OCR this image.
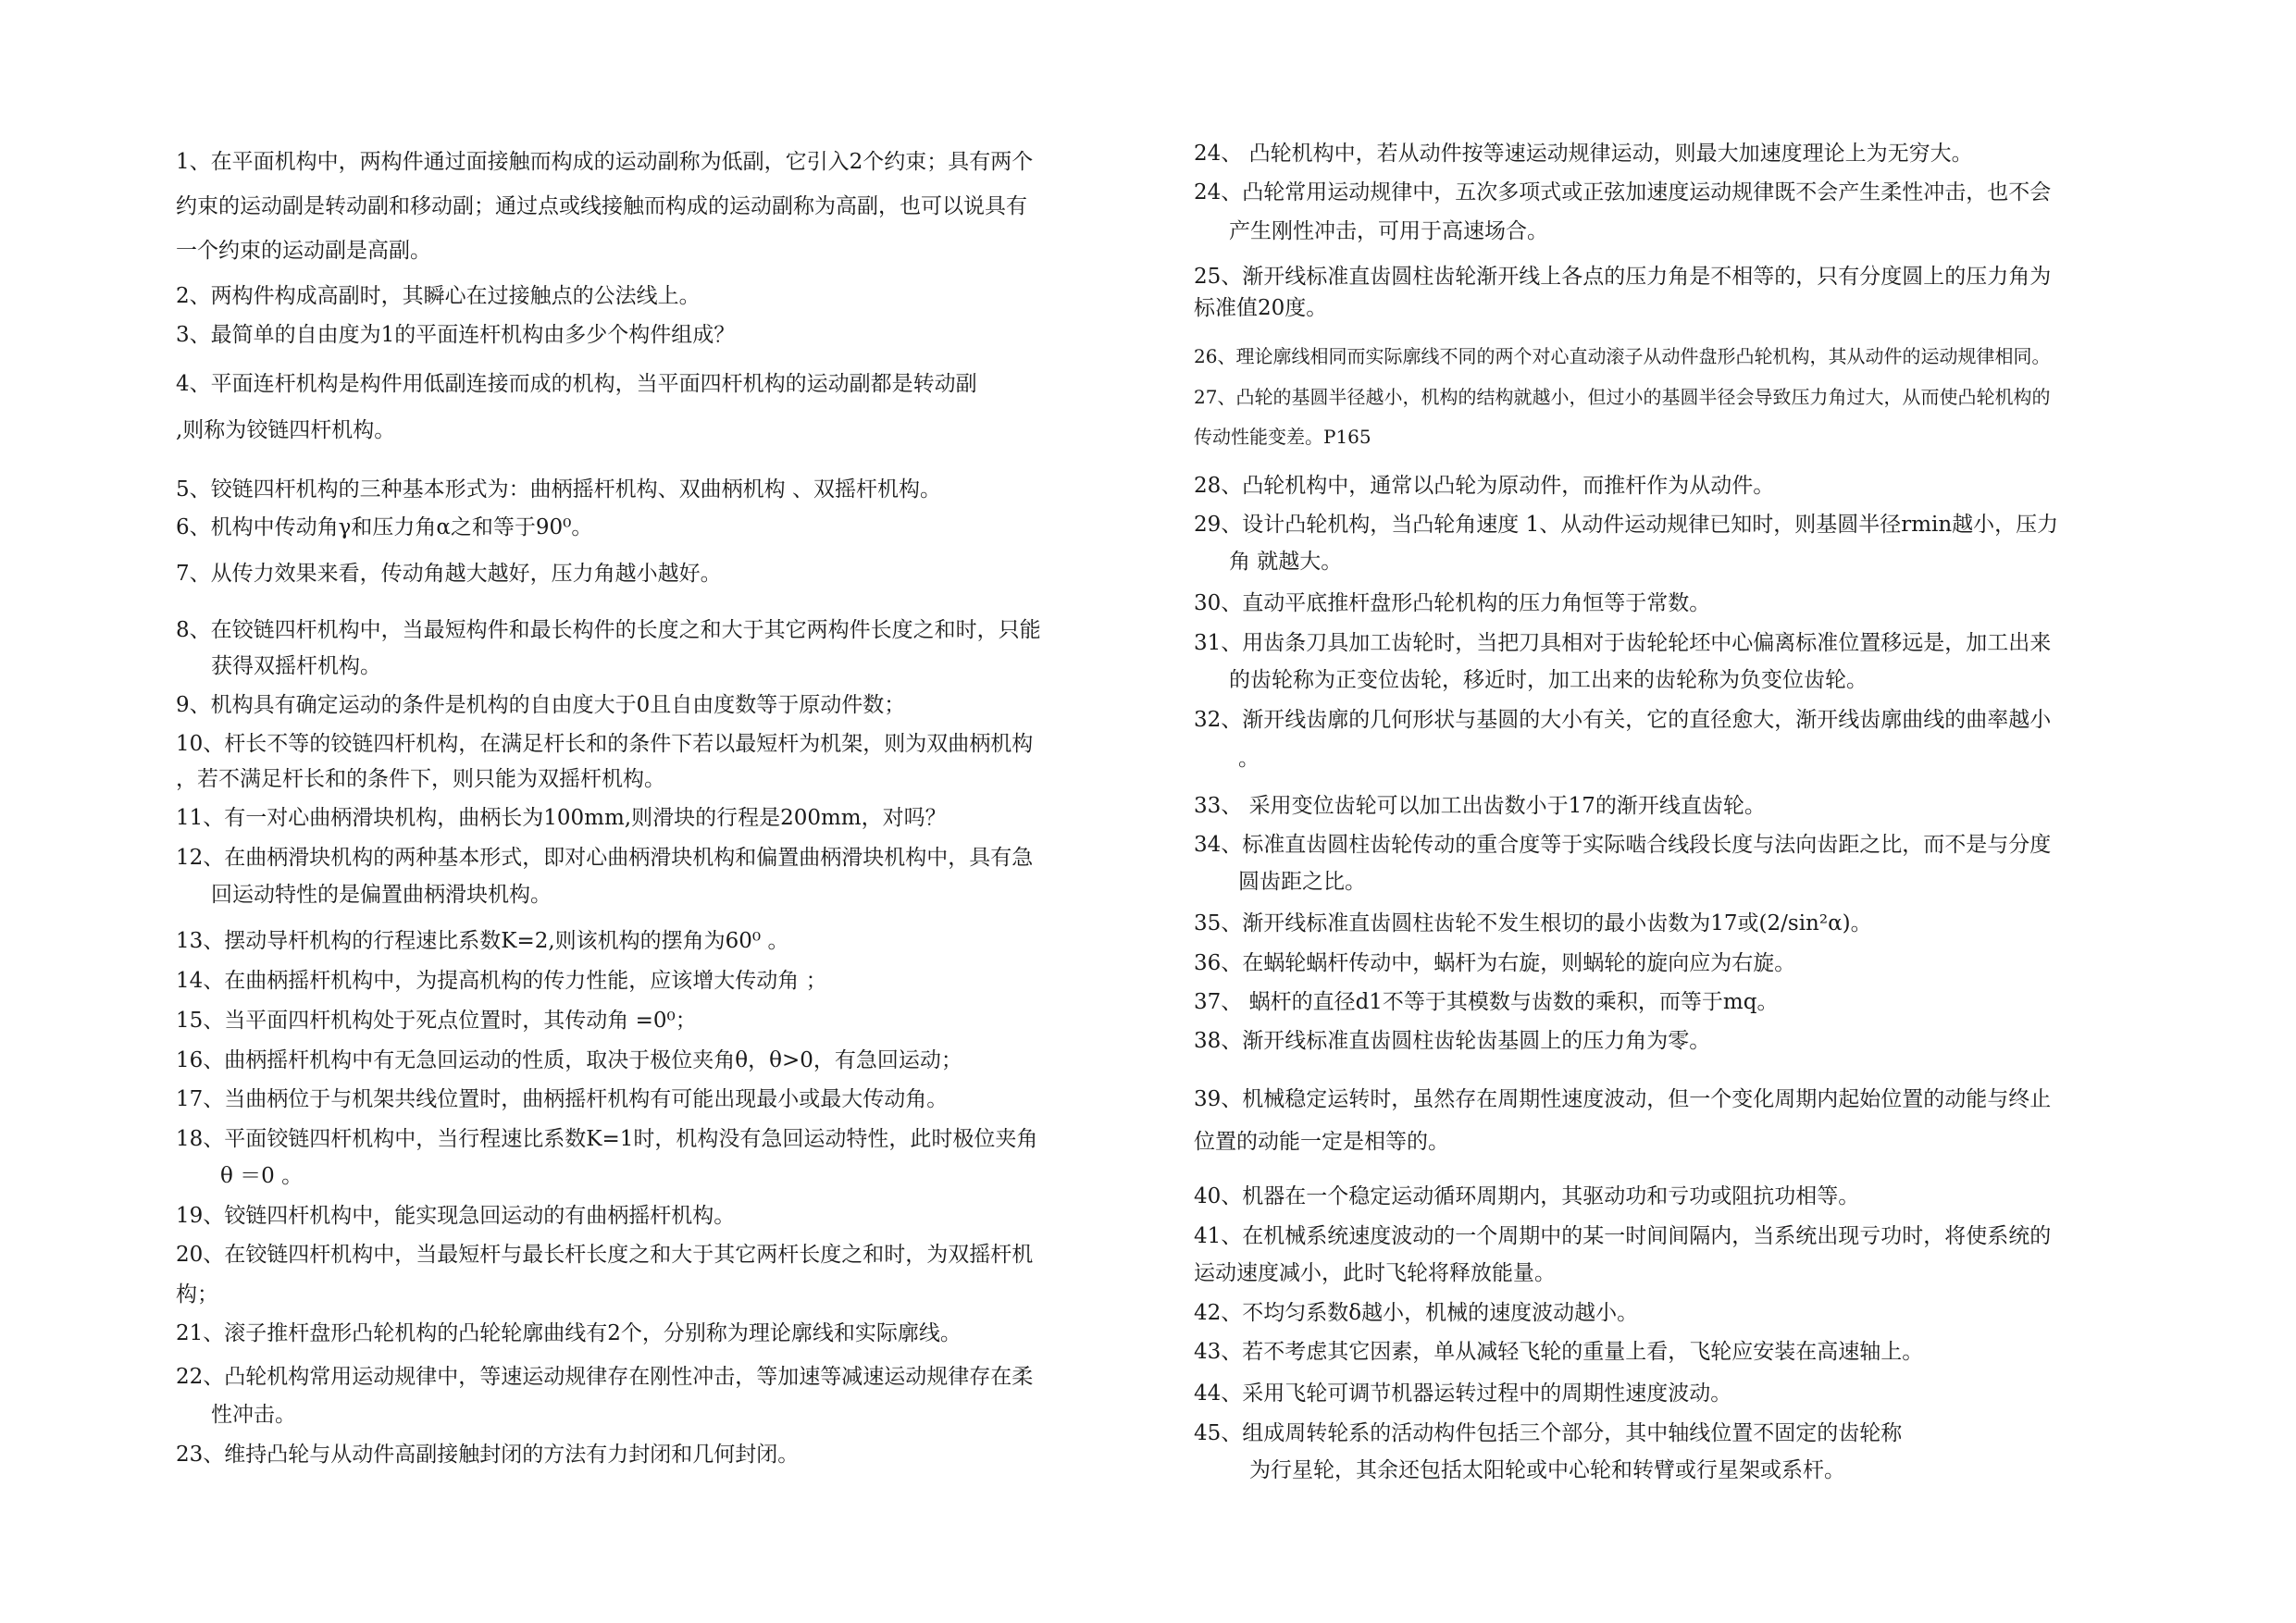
1、在平面机构中，两构件通过面接触而构成的运动副称为低副，它引入2个约束；具有两个
约束的运动副是转动副和移动副；通过点或线接触而构成的运动副称为高副，也可以说具有
一个约束的运动副是高副。
2、两构件构成高副时，其瞬心在过接触点的公法线上。
3、最简单的自由度为1的平面连杆机构由多少个构件组成？
4、平面连杆机构是构件用低副连接而成的机构，当平面四杆机构的运动副都是转动副
,则称为铰链四杆机构。
5、铰链四杆机构的三种基本形式为：曲柄摇杆机构、双曲柄机构 、双摇杆机构。
6、机构中传动角γ和压力角α之和等于90⁰。
7、从传力效果来看，传动角越大越好，压力角越小越好。
8、在铰链四杆机构中，当最短构件和最长构件的长度之和大于其它两构件长度之和时，只能
获得双摇杆机构。
9、机构具有确定运动的条件是机构的自由度大于0且自由度数等于原动件数；
10、杆长不等的铰链四杆机构，在满足杆长和的条件下若以最短杆为机架，则为双曲柄机构
，若不满足杆长和的条件下，则只能为双摇杆机构。
11、有一对心曲柄滑块机构，曲柄长为100mm,则滑块的行程是200mm，对吗？
12、在曲柄滑块机构的两种基本形式，即对心曲柄滑块机构和偏置曲柄滑块机构中，具有急
回运动特性的是偏置曲柄滑块机构。
13、摆动导杆机构的行程速比系数K=2,则该机构的摆角为60⁰ 。
14、在曲柄摇杆机构中，为提高机构的传力性能，应该增大传动角 ；
15、当平面四杆机构处于死点位置时，其传动角 =0⁰；
16、曲柄摇杆机构中有无急回运动的性质，取决于极位夹角θ，θ>0，有急回运动；
17、当曲柄位于与机架共线位置时，曲柄摇杆机构有可能出现最小或最大传动角。
18、平面铰链四杆机构中，当行程速比系数K=1时，机构没有急回运动特性，此时极位夹角
θ ＝0 。
19、铰链四杆机构中，能实现急回运动的有曲柄摇杆机构。
20、在铰链四杆机构中，当最短杆与最长杆长度之和大于其它两杆长度之和时，为双摇杆机
构；
21、滚子推杆盘形凸轮机构的凸轮轮廓曲线有2个，分别称为理论廓线和实际廓线。
22、凸轮机构常用运动规律中，等速运动规律存在刚性冲击，等加速等减速运动规律存在柔
性冲击。
23、维持凸轮与从动件高副接触封闭的方法有力封闭和几何封闭。
24、 凸轮机构中，若从动件按等速运动规律运动，则最大加速度理论上为无穷大。
24、凸轮常用运动规律中，五次多项式或正弦加速度运动规律既不会产生柔性冲击，也不会
产生刚性冲击，可用于高速场合。
25、渐开线标准直齿圆柱齿轮渐开线上各点的压力角是不相等的，只有分度圆上的压力角为
标准值20度。
26、理论廓线相同而实际廓线不同的两个对心直动滚子从动件盘形凸轮机构，其从动件的运动规律相同。
27、凸轮的基圆半径越小，机构的结构就越小，但过小的基圆半径会导致压力角过大，从而使凸轮机构的
传动性能变差。P165
28、凸轮机构中，通常以凸轮为原动件，而推杆作为从动件。
29、设计凸轮机构，当凸轮角速度 1、从动件运动规律已知时，则基圆半径rmin越小，压力
角 就越大。
30、直动平底推杆盘形凸轮机构的压力角恒等于常数。
31、用齿条刀具加工齿轮时，当把刀具相对于齿轮轮坯中心偏离标准位置移远是，加工出来
的齿轮称为正变位齿轮，移近时，加工出来的齿轮称为负变位齿轮。
32、渐开线齿廓的几何形状与基圆的大小有关，它的直径愈大，渐开线齿廓曲线的曲率越小
。
33、 采用变位齿轮可以加工出齿数小于17的渐开线直齿轮。
34、标准直齿圆柱齿轮传动的重合度等于实际啮合线段长度与法向齿距之比，而不是与分度
圆齿距之比。
35、渐开线标准直齿圆柱齿轮不发生根切的最小齿数为17或(2/sin²α)。
36、在蜗轮蜗杆传动中，蜗杆为右旋，则蜗轮的旋向应为右旋。
37、 蜗杆的直径d1不等于其模数与齿数的乘积，而等于mq。
38、渐开线标准直齿圆柱齿轮齿基圆上的压力角为零。
39、机械稳定运转时，虽然存在周期性速度波动，但一个变化周期内起始位置的动能与终止
位置的动能一定是相等的。
40、机器在一个稳定运动循环周期内，其驱动功和亏功或阻抗功相等。
41、在机械系统速度波动的一个周期中的某一时间间隔内，当系统出现亏功时，将使系统的
运动速度减小，此时飞轮将释放能量。
42、不均匀系数δ越小，机械的速度波动越小。
43、若不考虑其它因素，单从减轻飞轮的重量上看，飞轮应安装在高速轴上。
44、采用飞轮可调节机器运转过程中的周期性速度波动。
45、组成周转轮系的活动构件包括三个部分，其中轴线位置不固定的齿轮称
为行星轮，其余还包括太阳轮或中心轮和转臂或行星架或系杆。
